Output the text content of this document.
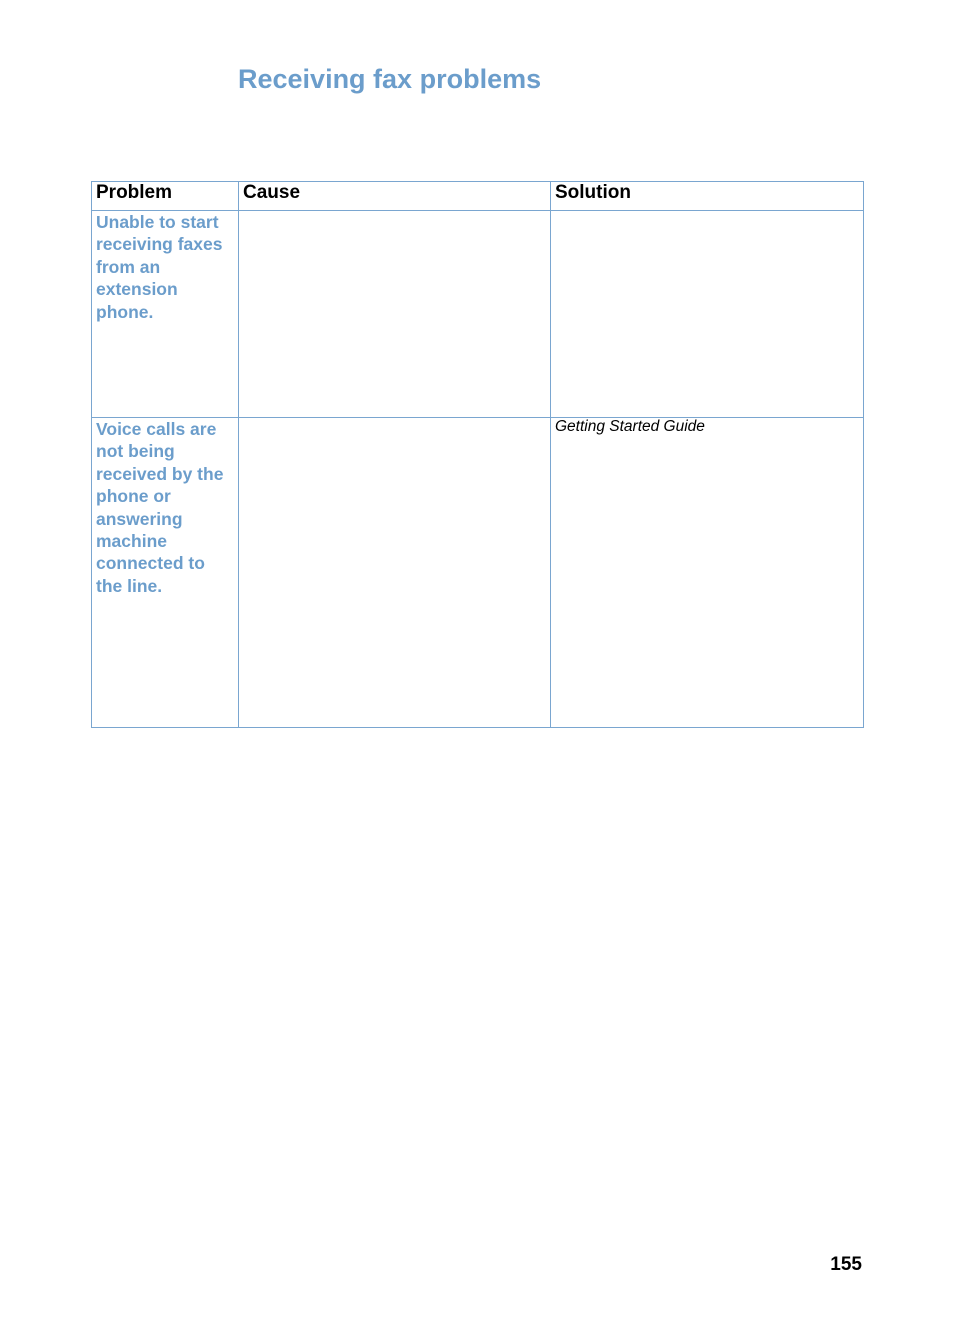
Receiving fax problems
Problem	Cause	Solution
Unable to start receiving faxes from an extension phone.		
Voice calls are not being received by the phone or answering machine connected to the line.		Getting Started Guide
155
